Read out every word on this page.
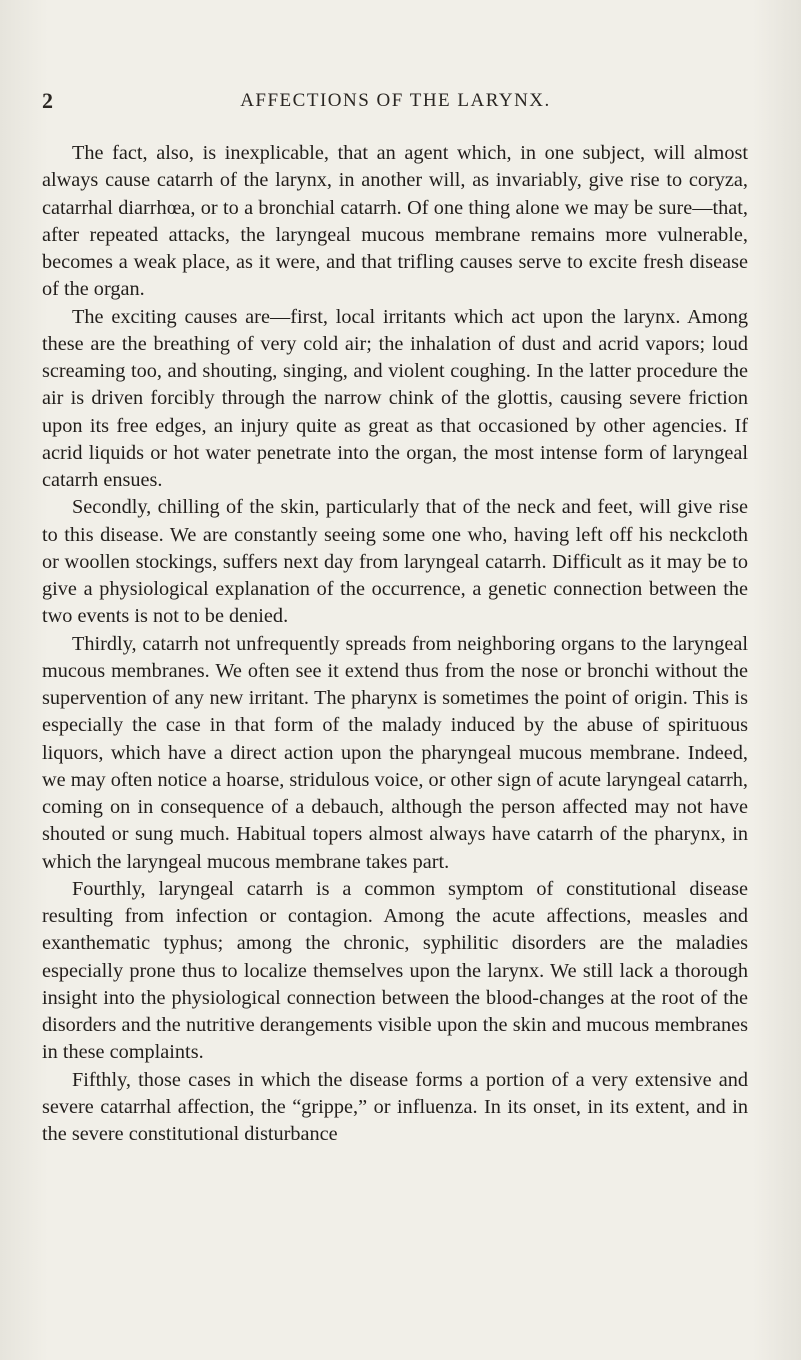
2	AFFECTIONS OF THE LARYNX.

The fact, also, is inexplicable, that an agent which, in one subject, will almost always cause catarrh of the larynx, in another will, as invariably, give rise to coryza, catarrhal diarrhœa, or to a bronchial catarrh. Of one thing alone we may be sure—that, after repeated attacks, the laryngeal mucous membrane remains more vulnerable, becomes a weak place, as it were, and that trifling causes serve to excite fresh disease of the organ.

The exciting causes are—first, local irritants which act upon the larynx. Among these are the breathing of very cold air; the inhalation of dust and acrid vapors; loud screaming too, and shouting, singing, and violent coughing. In the latter procedure the air is driven forcibly through the narrow chink of the glottis, causing severe friction upon its free edges, an injury quite as great as that occasioned by other agencies. If acrid liquids or hot water penetrate into the organ, the most intense form of laryngeal catarrh ensues.

Secondly, chilling of the skin, particularly that of the neck and feet, will give rise to this disease. We are constantly seeing some one who, having left off his neckcloth or woollen stockings, suffers next day from laryngeal catarrh. Difficult as it may be to give a physiological explanation of the occurrence, a genetic connection between the two events is not to be denied.

Thirdly, catarrh not unfrequently spreads from neighboring organs to the laryngeal mucous membranes. We often see it extend thus from the nose or bronchi without the supervention of any new irritant. The pharynx is sometimes the point of origin. This is especially the case in that form of the malady induced by the abuse of spirituous liquors, which have a direct action upon the pharyngeal mucous membrane. Indeed, we may often notice a hoarse, stridulous voice, or other sign of acute laryngeal catarrh, coming on in consequence of a debauch, although the person affected may not have shouted or sung much. Habitual topers almost always have catarrh of the pharynx, in which the laryngeal mucous membrane takes part.

Fourthly, laryngeal catarrh is a common symptom of constitutional disease resulting from infection or contagion. Among the acute affections, measles and exanthematic typhus; among the chronic, syphilitic disorders are the maladies especially prone thus to localize themselves upon the larynx. We still lack a thorough insight into the physiological connection between the blood-changes at the root of the disorders and the nutritive derangements visible upon the skin and mucous membranes in these complaints.

Fifthly, those cases in which the disease forms a portion of a very extensive and severe catarrhal affection, the “grippe,” or influenza. In its onset, in its extent, and in the severe constitutional disturbance
